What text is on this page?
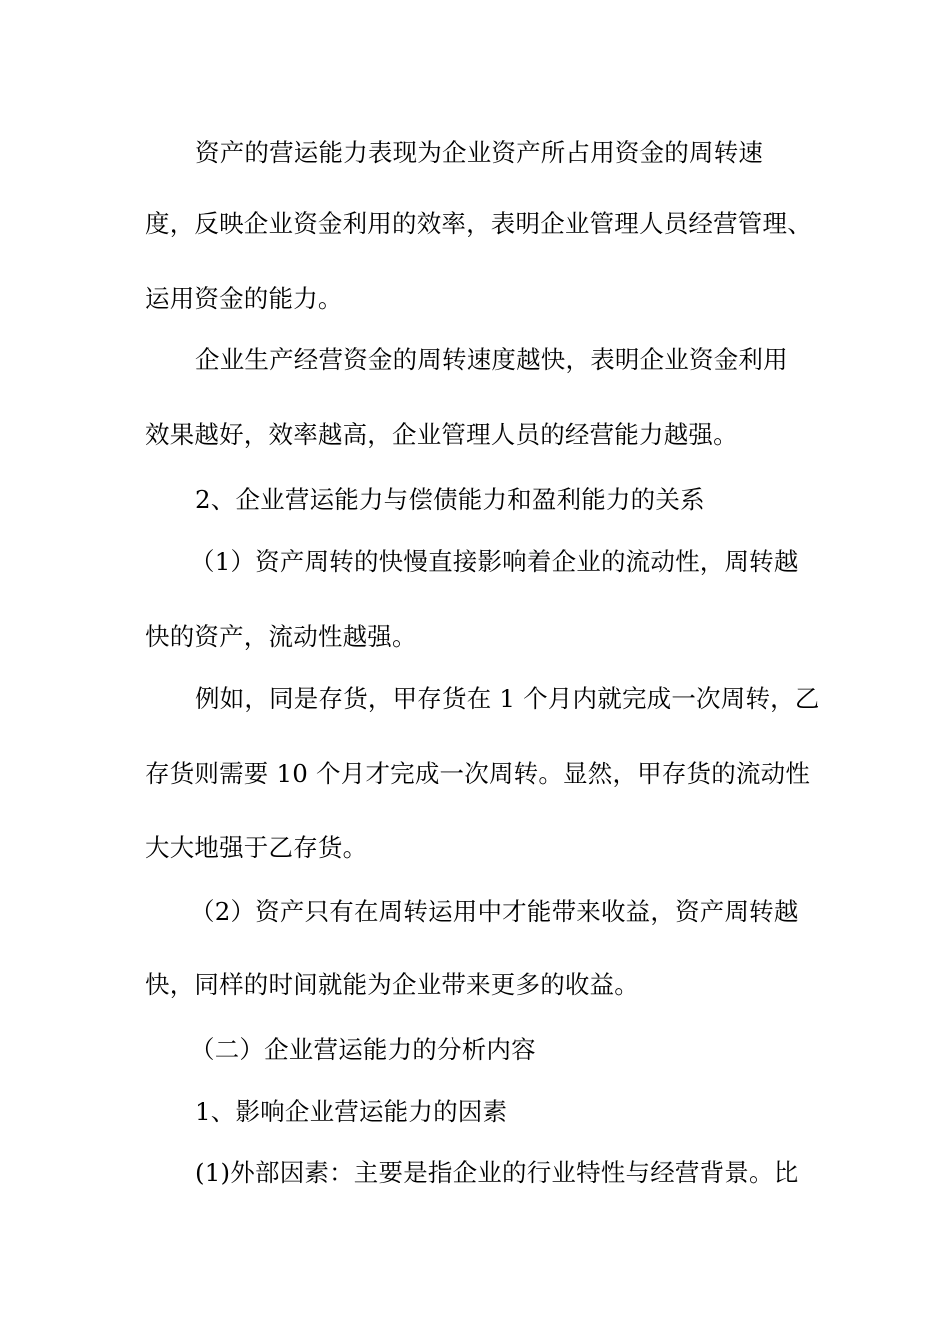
资产的营运能力表现为企业资产所占用资金的周转速
度，反映企业资金利用的效率，表明企业管理人员经营管理、
运用资金的能力。
企业生产经营资金的周转速度越快，表明企业资金利用
效果越好，效率越高，企业管理人员的经营能力越强。
2、企业营运能力与偿债能力和盈利能力的关系
（1）资产周转的快慢直接影响着企业的流动性，周转越
快的资产，流动性越强。
例如，同是存货，甲存货在 1 个月内就完成一次周转，乙
存货则需要 10 个月才完成一次周转。显然，甲存货的流动性
大大地强于乙存货。
（2）资产只有在周转运用中才能带来收益，资产周转越
快，同样的时间就能为企业带来更多的收益。
（二）企业营运能力的分析内容
1、影响企业营运能力的因素
(1)外部因素：主要是指企业的行业特性与经营背景。比
